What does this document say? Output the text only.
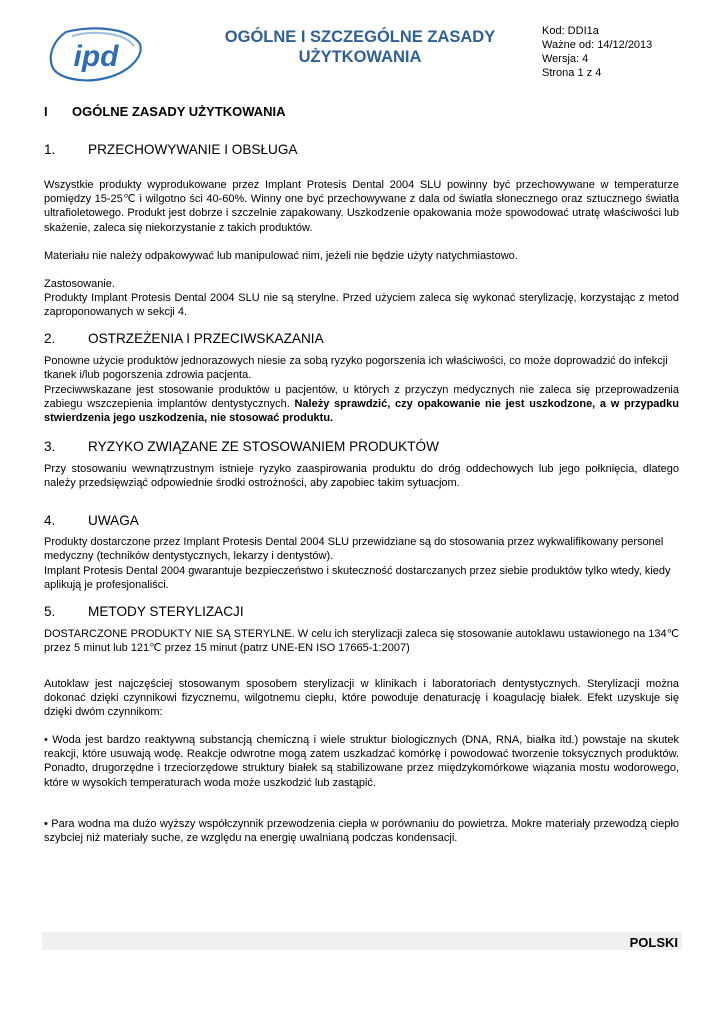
ipd
OGÓLNE I SZCZEGÓLNE ZASADY
UŻYTKOWANIA
Kod: DDI1a
Ważne od: 14/12/2013
Wersja: 4
Strona 1 z 4
I OGÓLNE ZASADY UŻYTKOWANIA
1. PRZECHOWYWANIE I OBSŁUGA

Wszystkie produkty wyprodukowane przez Implant Protesis Dental 2004 SLU powinny być przechowywane w temperaturze pomiędzy 15-25℃ i wilgotno ści 40-60%. Winny one być przechowywane z dala od światła słonecznego oraz sztucznego światła ultrafioletowego. Produkt jest dobrze i szczelnie zapakowany. Uszkodzenie opakowania może spowodować utratę właściwości lub skażenie, zaleca się niekorzystanie z takich produktów.

Materiału nie należy odpakowywać lub manipulować nim, jeżeli nie będzie użyty natychmiastowo.

Zastosowanie.

Produkty Implant Protesis Dental 2004 SLU nie są sterylne. Przed użyciem zaleca się wykonać sterylizację, korzystając z metod zaproponowanych w sekcji 4.

2. OSTRZEŻENIA I PRZECIWSKAZANIA

Ponowne użycie produktów jednorazowych niesie za sobą ryzyko pogorszenia ich właściwości, co może doprowadzić do infekcji tkanek i/lub pogorszenia zdrowia pacjenta.

Przeciwwskazane jest stosowanie produktów u pacjentów, u których z przyczyn medycznych nie zaleca się przeprowadzenia zabiegu wszczepienia implantów dentystycznych. Należy sprawdzić, czy opakowanie nie jest uszkodzone, a w przypadku stwierdzenia jego uszkodzenia, nie stosować produktu.

3. RYZYKO ZWIĄZANE ZE STOSOWANIEM PRODUKTÓW

Przy stosowaniu wewnątrzustnym istnieje ryzyko zaaspirowania produktu do dróg oddechowych lub jego połknięcia, dlatego należy przedsięwziąć odpowiednie środki ostrożności, aby zapobiec takim sytuacjom.

4. UWAGA

Produkty dostarczone przez Implant Protesis Dental 2004 SLU przewidziane są do stosowania przez wykwalifikowany personel medyczny (techników dentystycznych, lekarzy i dentystów).

Implant Protesis Dental 2004 gwarantuje bezpieczeństwo i skuteczność dostarczanych przez siebie produktów tylko wtedy, kiedy aplikują je profesjonaliści.

5. METODY STERYLIZACJI

DOSTARCZONE PRODUKTY NIE SĄ STERYLNE. W celu ich sterylizacji zaleca się stosowanie autoklawu ustawionego na 134℃ przez 5 minut lub 121℃ przez 15 minut (patrz UNE-EN ISO 17665-1:2007)

Autoklaw jest najczęściej stosowanym sposobem sterylizacji w klinikach i laboratoriach dentystycznych. Sterylizacji można dokonać dzięki czynnikowi fizycznemu, wilgotnemu ciepłu, które powoduje denaturację i koagulację białek. Efekt uzyskuje się dzięki dwóm czynnikom:

• Woda jest bardzo reaktywną substancją chemiczną i wiele struktur biologicznych (DNA, RNA, białka itd.) powstaje na skutek reakcji, które usuwają wodę. Reakcje odwrotne mogą zatem uszkadzać komórkę i powodować tworzenie toksycznych produktów. Ponadto, drugorzędne i trzeciorzędowe struktury białek są stabilizowane przez międzykomórkowe wiązania mostu wodorowego, które w wysokich temperaturach woda może uszkodzić lub zastąpić.

• Para wodna ma dużo wyższy współczynnik przewodzenia ciepła w porównaniu do powietrza. Mokre materiały przewodzą ciepło szybciej niż materiały suche, ze względu na energię uwalnianą podczas kondensacji.

POLSKI
